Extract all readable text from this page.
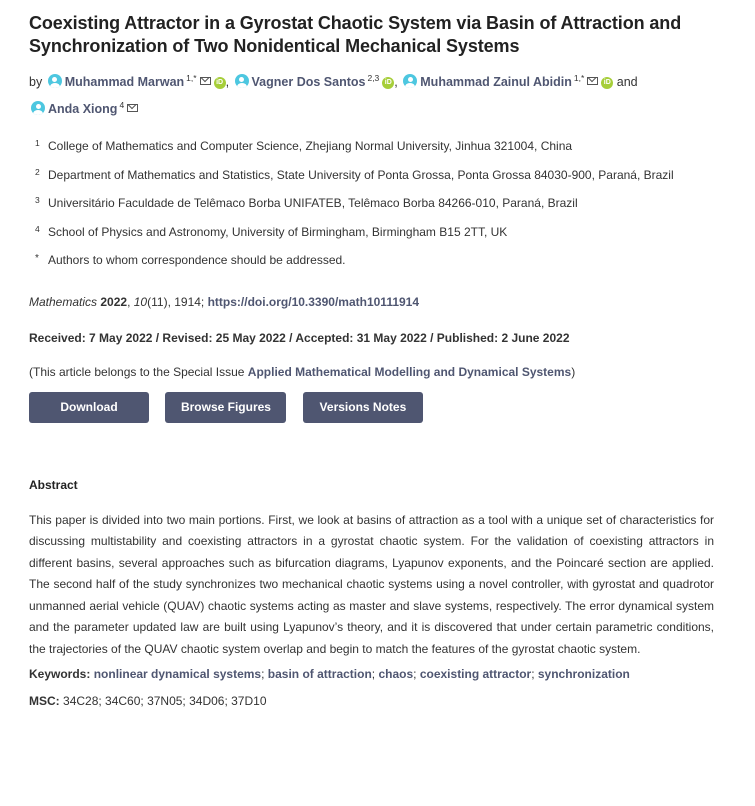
Coexisting Attractor in a Gyrostat Chaotic System via Basin of Attraction and Synchronization of Two Nonidentical Mechanical Systems
by Muhammad Marwan $^{1,*}$	iD , Vagner Dos Santos $^{2,3}$ iD , Muhammad Zainul Abidin $^{1,*}$	iD and
Anda Xiong $^4$
1 College of Mathematics and Computer Science, Zhejiang Normal University, Jinhua 321004, China
2 Department of Mathematics and Statistics, State University of Ponta Grossa, Ponta Grossa 84030-900, Paraná, Brazil
3 Universitário Faculdade de Telêmaco Borba UNIFATEB, Telêmaco Borba 84266-010, Paraná, Brazil
4 School of Physics and Astronomy, University of Birmingham, Birmingham B15 2TT, UK
* Authors to whom correspondence should be addressed.
Mathematics 2022, 10(11), 1914; https://doi.org/10.3390/math10111914
Received: 7 May 2022 / Revised: 25 May 2022 / Accepted: 31 May 2022 / Published: 2 June 2022
(This article belongs to the Special Issue Applied Mathematical Modelling and Dynamical Systems)
Download	Browse Figures	Versions Notes
Abstract
This paper is divided into two main portions. First, we look at basins of attraction as a tool with a unique set of characteristics for discussing multistability and coexisting attractors in a gyrostat chaotic system. For the validation of coexisting attractors in different basins, several approaches such as bifurcation diagrams, Lyapunov exponents, and the Poincaré section are applied. The second half of the study synchronizes two mechanical chaotic systems using a novel controller, with gyrostat and quadrotor unmanned aerial vehicle (QUAV) chaotic systems acting as master and slave systems, respectively. The error dynamical system and the parameter updated law are built using Lyapunov’s theory, and it is discovered that under certain parametric conditions, the trajectories of the QUAV chaotic system overlap and begin to match the features of the gyrostat chaotic system.
Keywords: nonlinear dynamical systems; basin of attraction; chaos; coexisting attractor; synchronization
MSC: 34C28; 34C60; 37N05; 34D06; 37D10
